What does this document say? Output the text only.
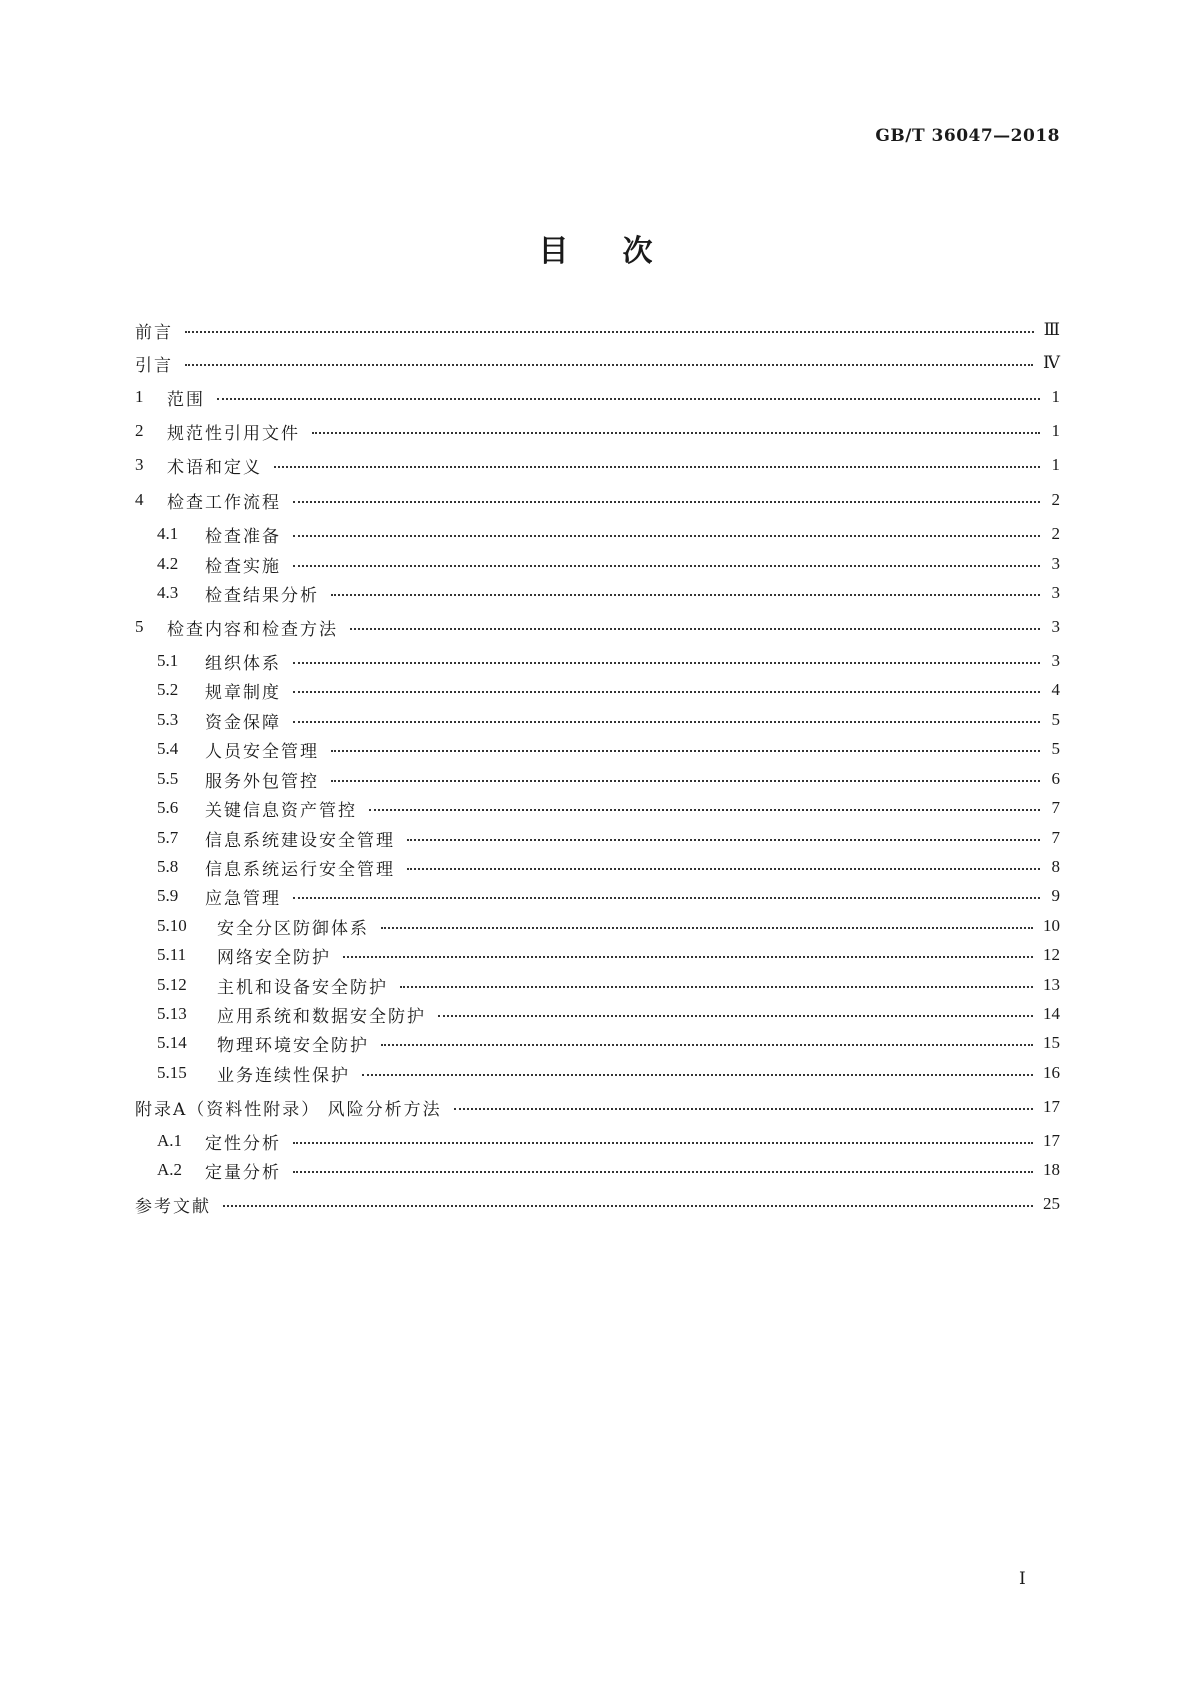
GB/T 36047—2018
目次
前言	Ⅲ
引言	Ⅳ
1	范围	1
2	规范性引用文件	1
3	术语和定义	1
4	检查工作流程	2
4.1	检查准备	2
4.2	检查实施	3
4.3	检查结果分析	3
5	检查内容和检查方法	3
5.1	组织体系	3
5.2	规章制度	4
5.3	资金保障	5
5.4	人员安全管理	5
5.5	服务外包管控	6
5.6	关键信息资产管控	7
5.7	信息系统建设安全管理	7
5.8	信息系统运行安全管理	8
5.9	应急管理	9
5.10	安全分区防御体系	10
5.11	网络安全防护	12
5.12	主机和设备安全防护	13
5.13	应用系统和数据安全防护	14
5.14	物理环境安全防护	15
5.15	业务连续性保护	16
附录A（资料性附录） 风险分析方法	17
A.1	定性分析	17
A.2	定量分析	18
参考文献	25
Ⅰ
